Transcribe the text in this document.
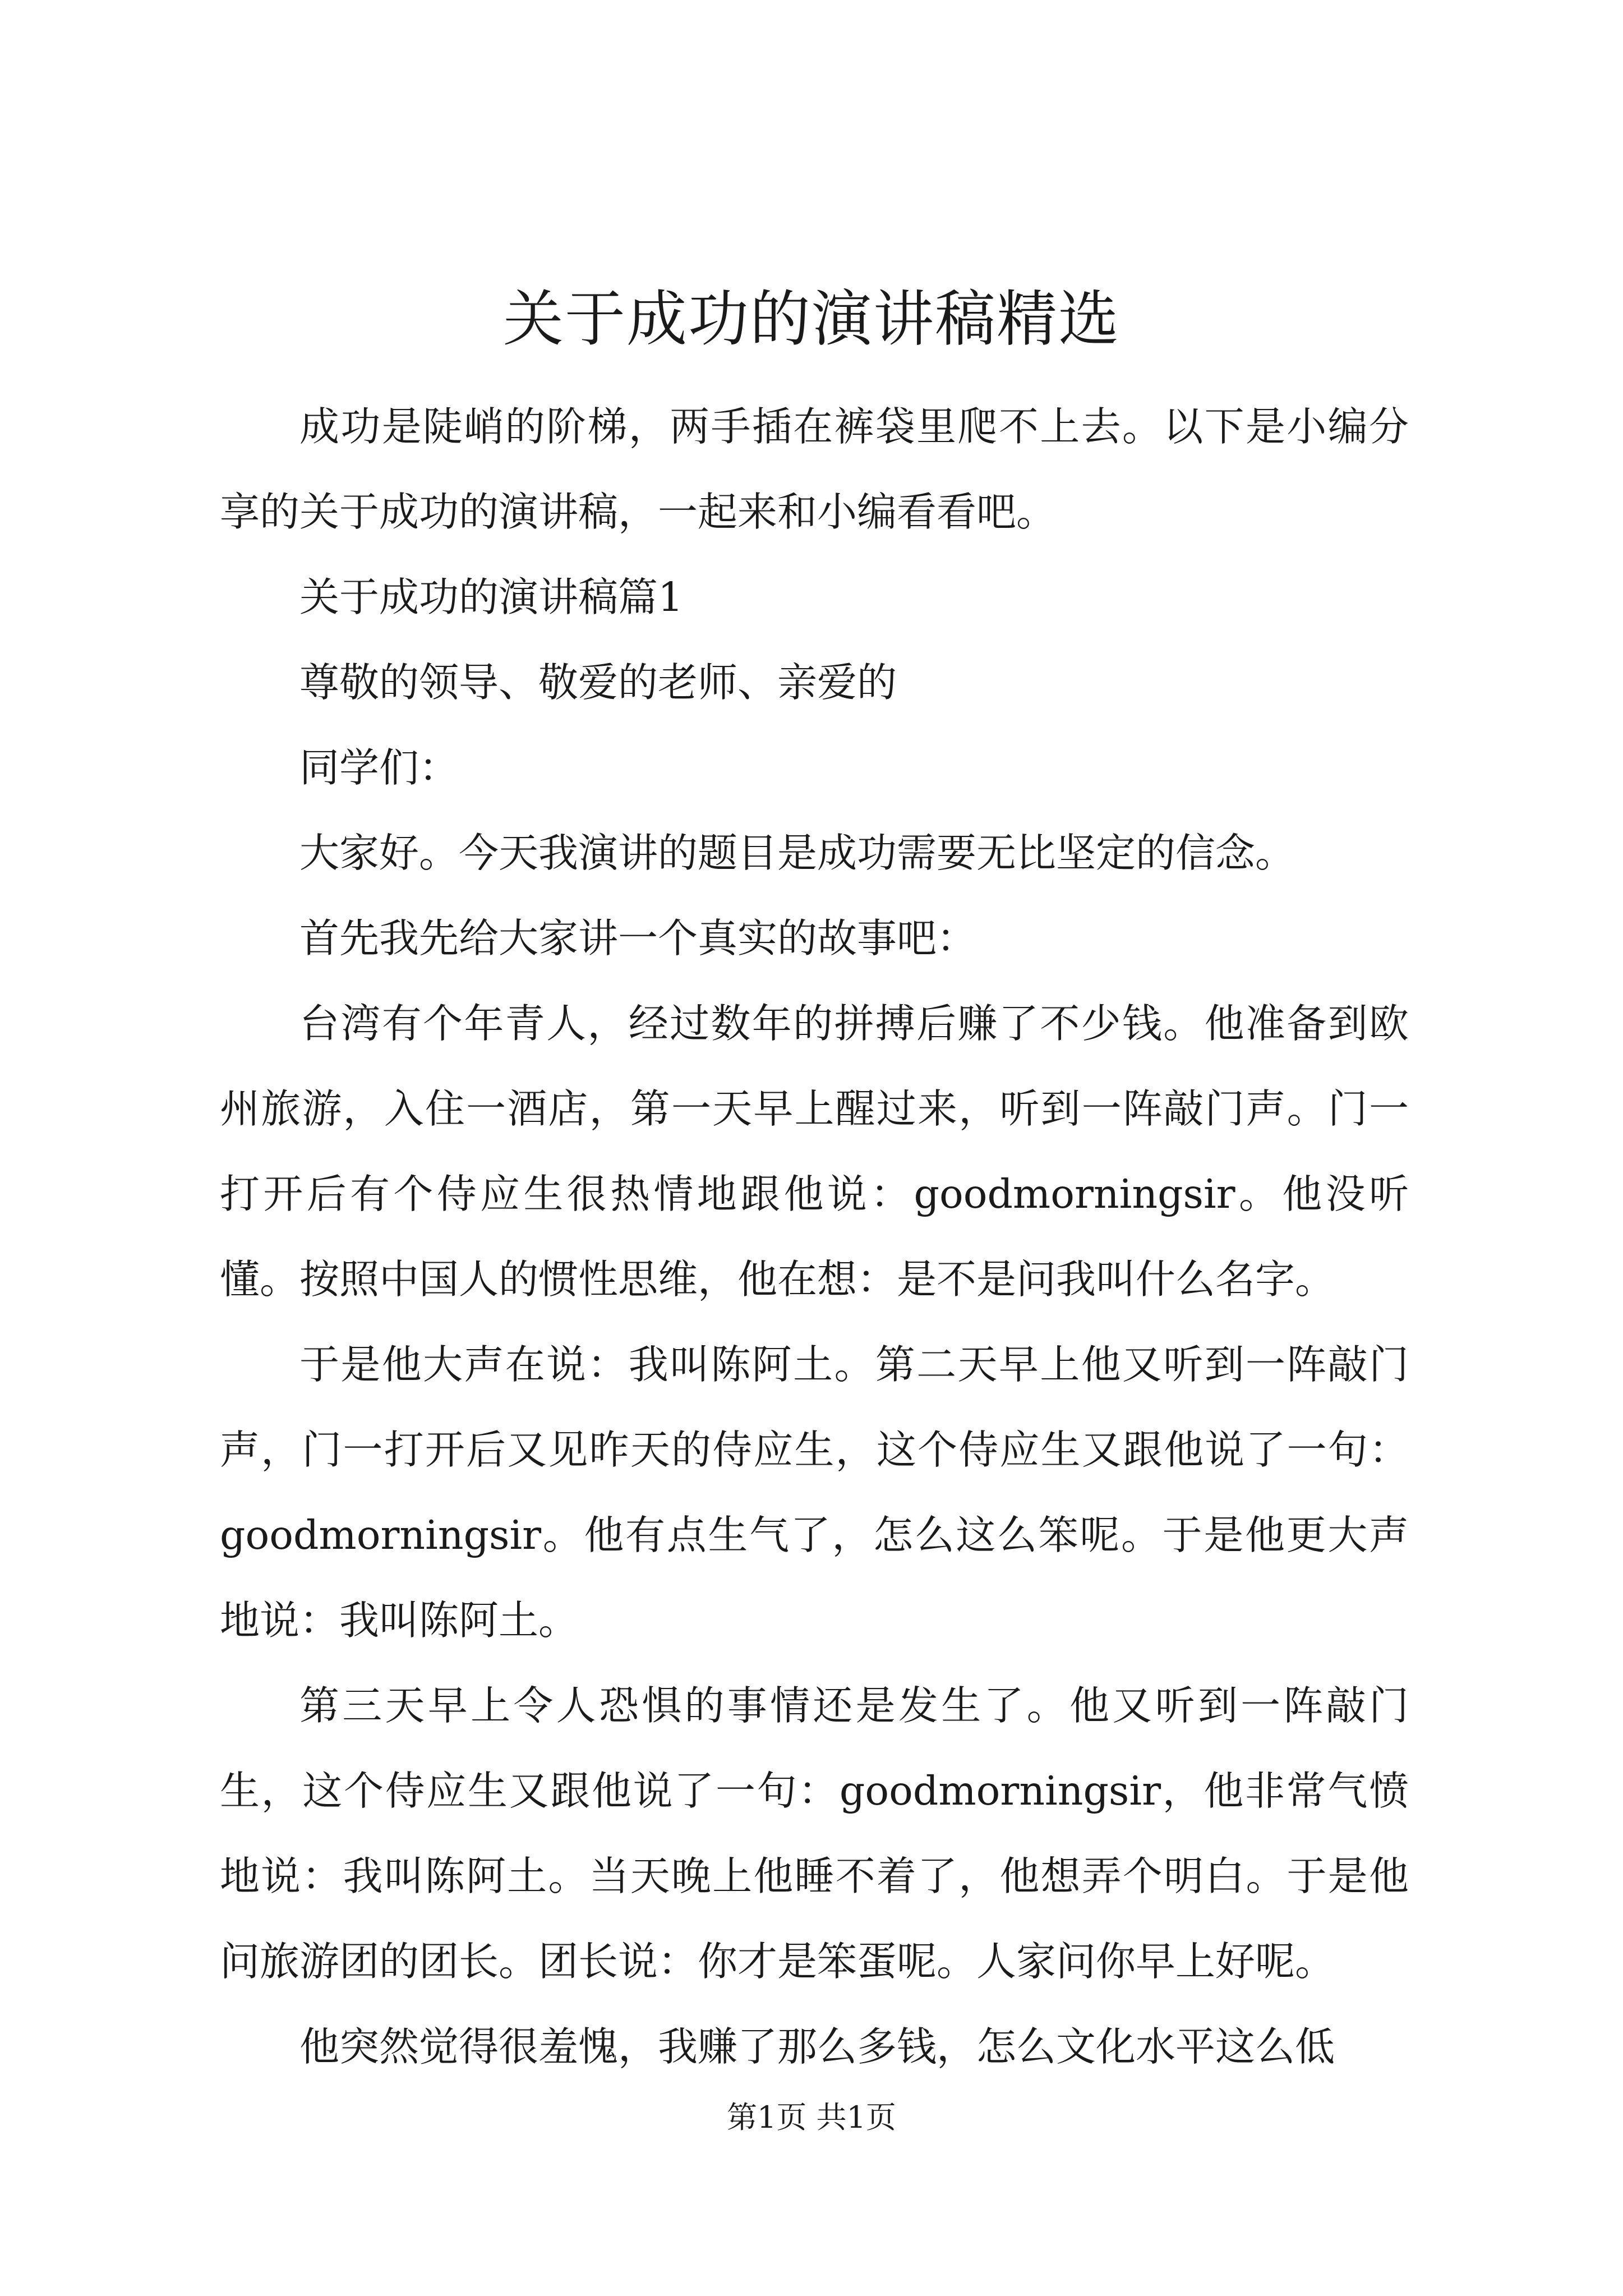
关于成功的演讲稿精选

成功是陡峭的阶梯，两手插在裤袋里爬不上去。以下是小编分享的关于成功的演讲稿，一起来和小编看看吧。

关于成功的演讲稿篇1

尊敬的领导、敬爱的老师、亲爱的

同学们：

大家好。今天我演讲的题目是成功需要无比坚定的信念。

首先我先给大家讲一个真实的故事吧：

台湾有个年青人，经过数年的拼搏后赚了不少钱。他准备到欧州旅游，入住一酒店，第一天早上醒过来，听到一阵敲门声。门一打开后有个侍应生很热情地跟他说：goodmorningsir。他没听懂。按照中国人的惯性思维，他在想：是不是问我叫什么名字。

于是他大声在说：我叫陈阿土。第二天早上他又听到一阵敲门声，门一打开后又见昨天的侍应生，这个侍应生又跟他说了一句：goodmorningsir。他有点生气了，怎么这么笨呢。于是他更大声地说：我叫陈阿土。

第三天早上令人恐惧的事情还是发生了。他又听到一阵敲门生，这个侍应生又跟他说了一句：goodmorningsir，他非常气愤地说：我叫陈阿土。当天晚上他睡不着了，他想弄个明白。于是他问旅游团的团长。团长说：你才是笨蛋呢。人家问你早上好呢。

他突然觉得很羞愧，我赚了那么多钱，怎么文化水平这么低

第1页 共1页
